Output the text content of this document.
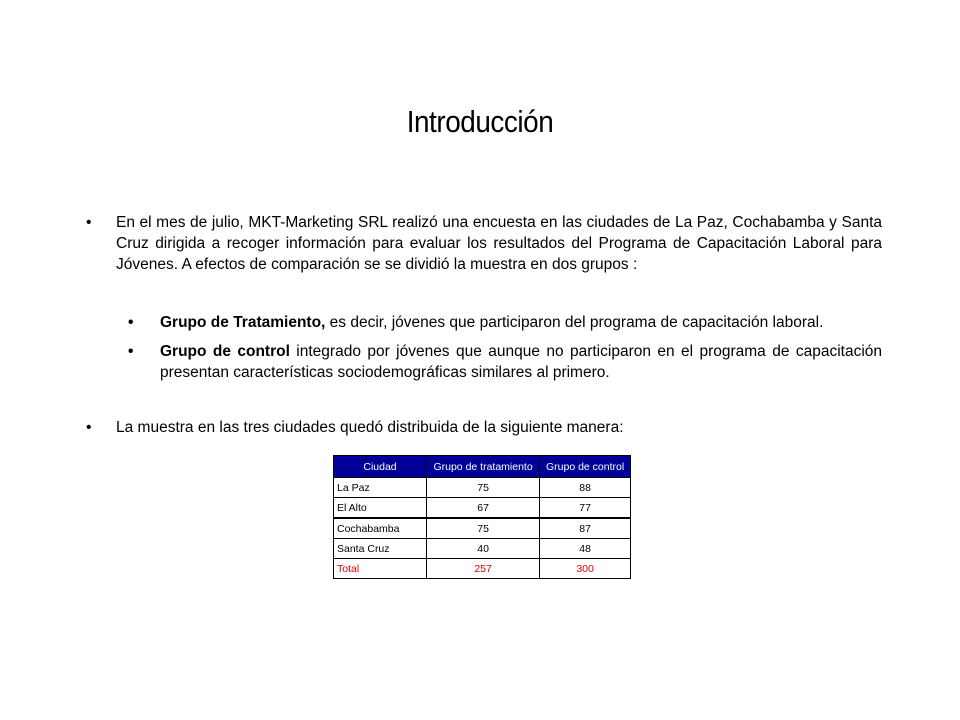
Introducción
• En el mes de julio, MKT-Marketing SRL realizó una encuesta en las ciudades de La Paz, Cochabamba y Santa Cruz dirigida a recoger información para evaluar los resultados del Programa de Capacitación Laboral para Jóvenes. A efectos de comparación se se dividió la muestra en dos grupos :
• Grupo de Tratamiento, es decir, jóvenes que participaron del programa de capacitación laboral.
• Grupo de control integrado por jóvenes que aunque no participaron en el programa de capacitación presentan características sociodemográficas similares al primero.
• La muestra en las tres ciudades quedó distribuida de la siguiente manera:
Ciudad	Grupo de tratamiento	Grupo de control
La Paz	75	88
El Alto	67	77
Cochabamba	75	87
Santa Cruz	40	48
Total	257	300
